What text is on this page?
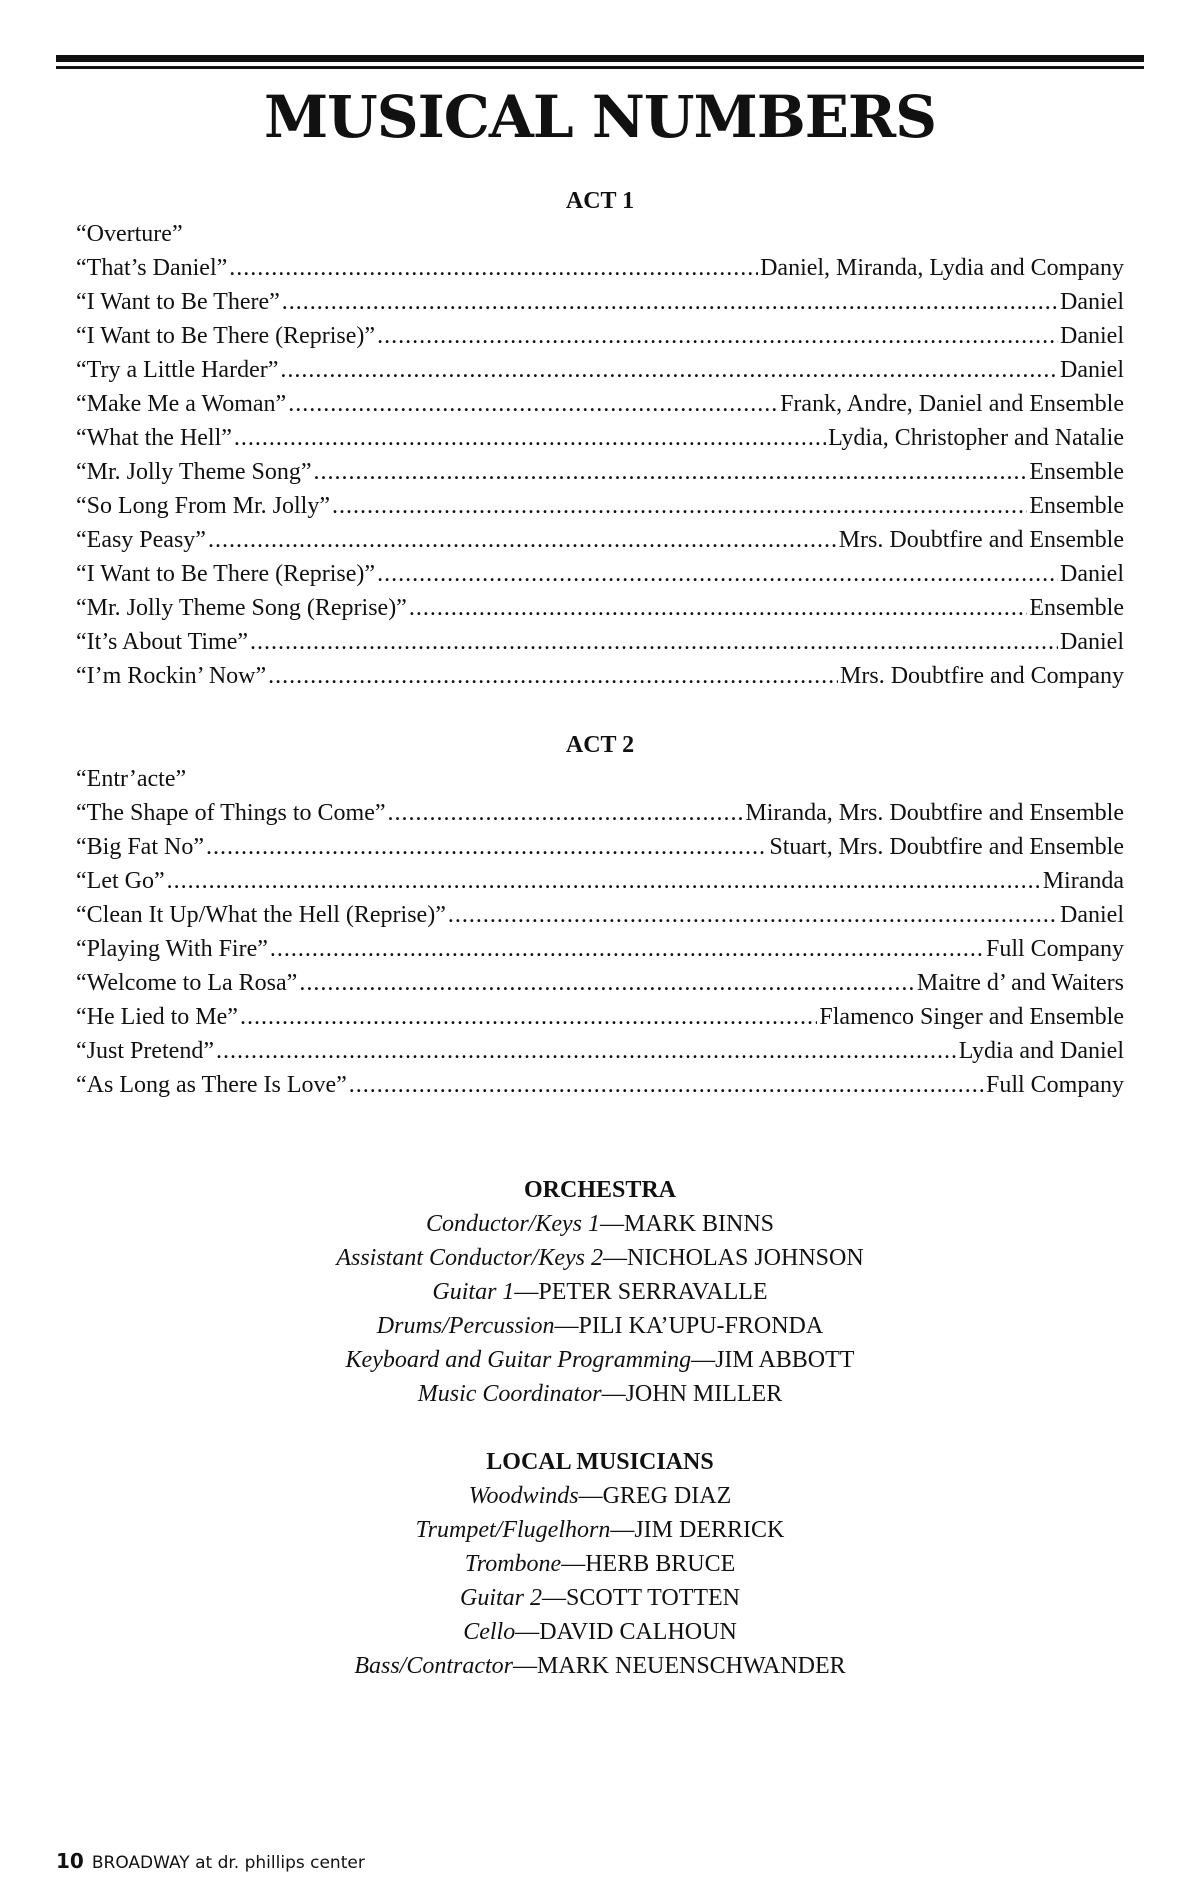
MUSICAL NUMBERS
ACT 1
“Overture”
“That’s Daniel” .....	Daniel, Miranda, Lydia and Company
“I Want to Be There” .....	Daniel
“I Want to Be There (Reprise)” .....	Daniel
“Try a Little Harder” .....	Daniel
“Make Me a Woman” .....	Frank, Andre, Daniel and Ensemble
“What the Hell” .....	Lydia, Christopher and Natalie
“Mr. Jolly Theme Song” .....	Ensemble
“So Long From Mr. Jolly” .....	Ensemble
“Easy Peasy” .....	Mrs. Doubtfire and Ensemble
“I Want to Be There (Reprise)” .....	Daniel
“Mr. Jolly Theme Song (Reprise)” .....	Ensemble
“It’s About Time” .....	Daniel
“I’m Rockin’ Now” .....	Mrs. Doubtfire and Company
ACT 2
“Entr’acte”
“The Shape of Things to Come” .....	Miranda, Mrs. Doubtfire and Ensemble
“Big Fat No” .....	Stuart, Mrs. Doubtfire and Ensemble
“Let Go” .....	Miranda
“Clean It Up/What the Hell (Reprise)” .....	Daniel
“Playing With Fire” .....	Full Company
“Welcome to La Rosa” .....	Maitre d’ and Waiters
“He Lied to Me” .....	Flamenco Singer and Ensemble
“Just Pretend” .....	Lydia and Daniel
“As Long as There Is Love” .....	Full Company
ORCHESTRA
Conductor/Keys 1—MARK BINNS
Assistant Conductor/Keys 2—NICHOLAS JOHNSON
Guitar 1—PETER SERRAVALLE
Drums/Percussion—PILI KA’UPU-FRONDA
Keyboard and Guitar Programming—JIM ABBOTT
Music Coordinator—JOHN MILLER
LOCAL MUSICIANS
Woodwinds—GREG DIAZ
Trumpet/Flugelhorn—JIM DERRICK
Trombone—HERB BRUCE
Guitar 2—SCOTT TOTTEN
Cello—DAVID CALHOUN
Bass/Contractor—MARK NEUENSCHWANDER
10 BROADWAY at dr. phillips center
